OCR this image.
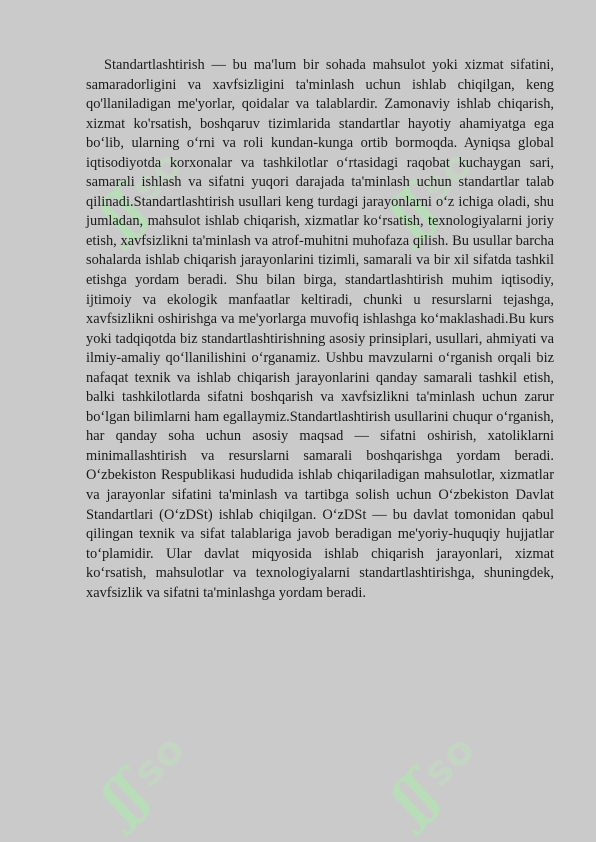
ʃʃ
so
ʃʃ
so
ʃʃ
so
ʃʃ
so

Standartlashtirish — bu ma'lum bir sohada mahsulot yoki xizmat sifatini, samaradorligini va xavfsizligini ta'minlash uchun ishlab chiqilgan, keng qo'llaniladigan me'yorlar, qoidalar va talablardir. Zamonaviy ishlab chiqarish, xizmat ko'rsatish, boshqaruv tizimlarida standartlar hayotiy ahamiyatga ega bo‘lib, ularning o‘rni va roli kundan-kunga ortib bormoqda. Ayniqsa global iqtisodiyotda korxonalar va tashkilotlar o‘rtasidagi raqobat kuchaygan sari, samarali ishlash va sifatni yuqori darajada ta'minlash uchun standartlar talab qilinadi.Standartlashtirish usullari keng turdagi jarayonlarni o‘z ichiga oladi, shu jumladan, mahsulot ishlab chiqarish, xizmatlar ko‘rsatish, texnologiyalarni joriy etish, xavfsizlikni ta'minlash va atrof-muhitni muhofaza qilish. Bu usullar barcha sohalarda ishlab chiqarish jarayonlarini tizimli, samarali va bir xil sifatda tashkil etishga yordam beradi. Shu bilan birga, standartlashtirish muhim iqtisodiy, ijtimoiy va ekologik manfaatlar keltiradi, chunki u resurslarni tejashga, xavfsizlikni oshirishga va me'yorlarga muvofiq ishlashga ko‘maklashadi.Bu kurs yoki tadqiqotda biz standartlashtirishning asosiy prinsiplari, usullari, ahmiyati va ilmiy-amaliy qo‘llanilishini o‘rganamiz. Ushbu mavzularni o‘rganish orqali biz nafaqat texnik va ishlab chiqarish jarayonlarini qanday samarali tashkil etish, balki tashkilotlarda sifatni boshqarish va xavfsizlikni ta'minlash uchun zarur bo‘lgan bilimlarni ham egallaymiz.Standartlashtirish usullarini chuqur o‘rganish, har qanday soha uchun asosiy maqsad — sifatni oshirish, xatoliklarni minimallashtirish va resurslarni samarali boshqarishga yordam beradi. O‘zbekiston Respublikasi hududida ishlab chiqariladigan mahsulotlar, xizmatlar va jarayonlar sifatini ta'minlash va tartibga solish uchun O‘zbekiston Davlat Standartlari (O‘zDSt) ishlab chiqilgan. O‘zDSt — bu davlat tomonidan qabul qilingan texnik va sifat talablariga javob beradigan me'yoriy-huquqiy hujjatlar to‘plamidir. Ular davlat miqyosida ishlab chiqarish jarayonlari, xizmat ko‘rsatish, mahsulotlar va texnologiyalarni standartlashtirishga, shuningdek, xavfsizlik va sifatni ta'minlashga yordam beradi.
